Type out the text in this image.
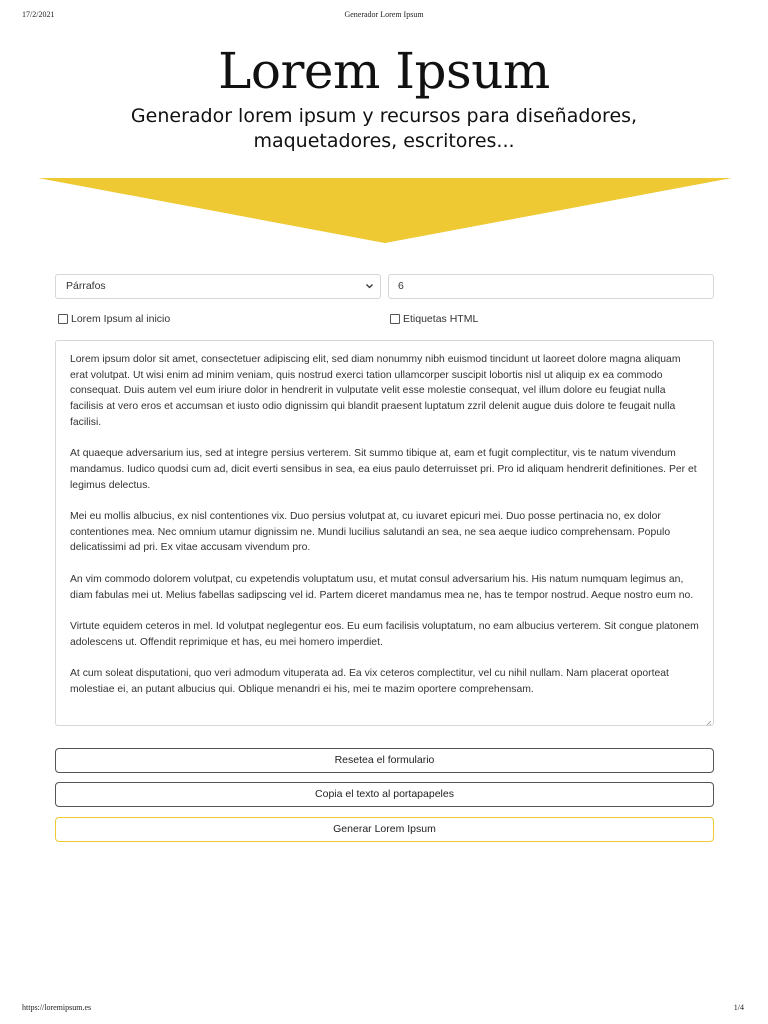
17/2/2021	Generador Lorem Ipsum
Lorem Ipsum
Generador lorem ipsum y recursos para diseñadores, maquetadores, escritores...
Párrafos	6
Lorem Ipsum al inicio	Etiquetas HTML

Lorem ipsum dolor sit amet, consectetuer adipiscing elit, sed diam nonummy nibh euismod tincidunt ut laoreet dolore magna aliquam erat volutpat. Ut wisi enim ad minim veniam, quis nostrud exerci tation ullamcorper suscipit lobortis nisl ut aliquip ex ea commodo consequat. Duis autem vel eum iriure dolor in hendrerit in vulputate velit esse molestie consequat, vel illum dolore eu feugiat nulla facilisis at vero eros et accumsan et iusto odio dignissim qui blandit praesent luptatum zzril delenit augue duis dolore te feugait nulla facilisi.

At quaeque adversarium ius, sed at integre persius verterem. Sit summo tibique at, eam et fugit complectitur, vis te natum vivendum mandamus. Iudico quodsi cum ad, dicit everti sensibus in sea, ea eius paulo deterruisset pri. Pro id aliquam hendrerit definitiones. Per et legimus delectus.

Mei eu mollis albucius, ex nisl contentiones vix. Duo persius volutpat at, cu iuvaret epicuri mei. Duo posse pertinacia no, ex dolor contentiones mea. Nec omnium utamur dignissim ne. Mundi lucilius salutandi an sea, ne sea aeque iudico comprehensam. Populo delicatissimi ad pri. Ex vitae accusam vivendum pro.

An vim commodo dolorem volutpat, cu expetendis voluptatum usu, et mutat consul adversarium his. His natum numquam legimus an, diam fabulas mei ut. Melius fabellas sadipscing vel id. Partem diceret mandamus mea ne, has te tempor nostrud. Aeque nostro eum no.

Virtute equidem ceteros in mel. Id volutpat neglegentur eos. Eu eum facilisis voluptatum, no eam albucius verterem. Sit congue platonem adolescens ut. Offendit reprimique et has, eu mei homero imperdiet.

At cum soleat disputationi, quo veri admodum vituperata ad. Ea vix ceteros complectitur, vel cu nihil nullam. Nam placerat oporteat molestiae ei, an putant albucius qui. Oblique menandri ei his, mei te mazim oportere comprehensam.

Resetea el formulario
Copia el texto al portapapeles
Generar Lorem Ipsum
https://loremipsum.es	1/4
